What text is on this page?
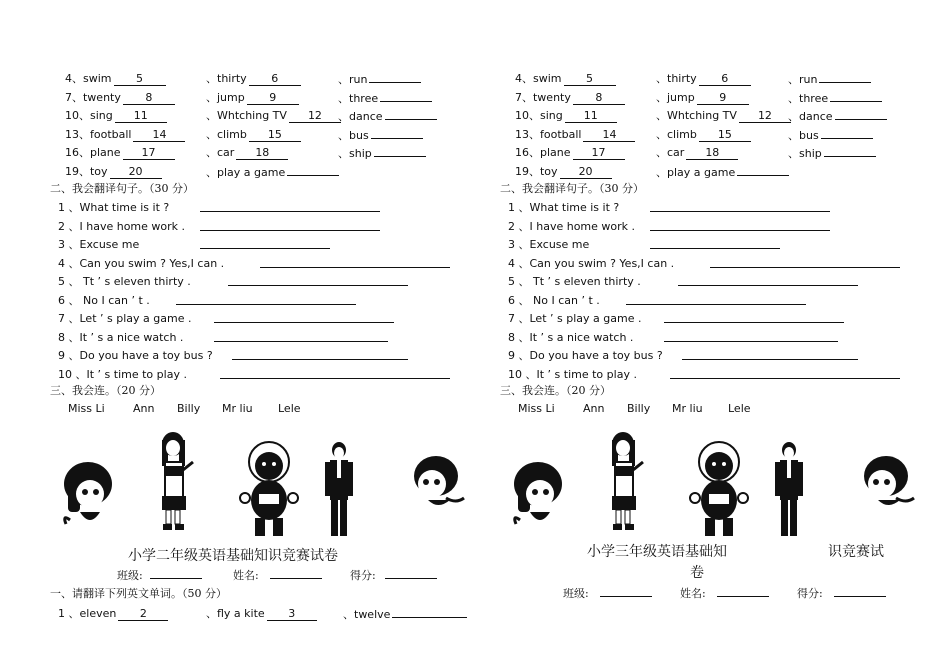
4、swim 5	、thirty 6	、run
7、twenty 8	、jump 9	、three
10、sing 11	、Whtching TV 12	、dance
13、football 14	、climb 15	、bus
16、plane 17	、car 18	、ship
19、toy 20	、play a game
二、我会翻译句子。（30 分）
1 、What time is it ?
2 、I have home work .
3 、Excuse me
4 、Can you swim ? Yes,I can .
5 、 Tt ’ s eleven thirty .
6 、 No I can ’ t .
7 、Let ’ s play a game .
8 、It ’ s a nice watch .
9 、Do you have a toy bus ?
10 、It ’ s time to play .
三、我会连。（20 分）
Miss Li	Ann Billy Mr liu Lele
小学二年级英语基础知识竞赛试卷
班级:	姓名:	得分:
一、请翻译下列英文单词。（50 分）
1 、eleven 2	、fly a kite 3	、twelve
4、swim 5	、thirty 6	、run
7、twenty 8	、jump 9	、three
10、sing 11	、Whtching TV 12	、dance
13、football 14	、climb 15	、bus
16、plane 17	、car 18	、ship
19、toy 20	、play a game
二、我会翻译句子。（30 分）
1 、What time is it ?
2 、I have home work .
3 、Excuse me
4 、Can you swim ? Yes,I can .
5 、 Tt ’ s eleven thirty .
6 、 No I can ’ t .
7 、Let ’ s play a game .
8 、It ’ s a nice watch .
9 、Do you have a toy bus ?
10 、It ’ s time to play .
三、我会连。（20 分）
Miss Li	Ann Billy Mr liu Lele
小学三年级英语基础知	识竞赛试
卷
班级:	姓名:	得分:
